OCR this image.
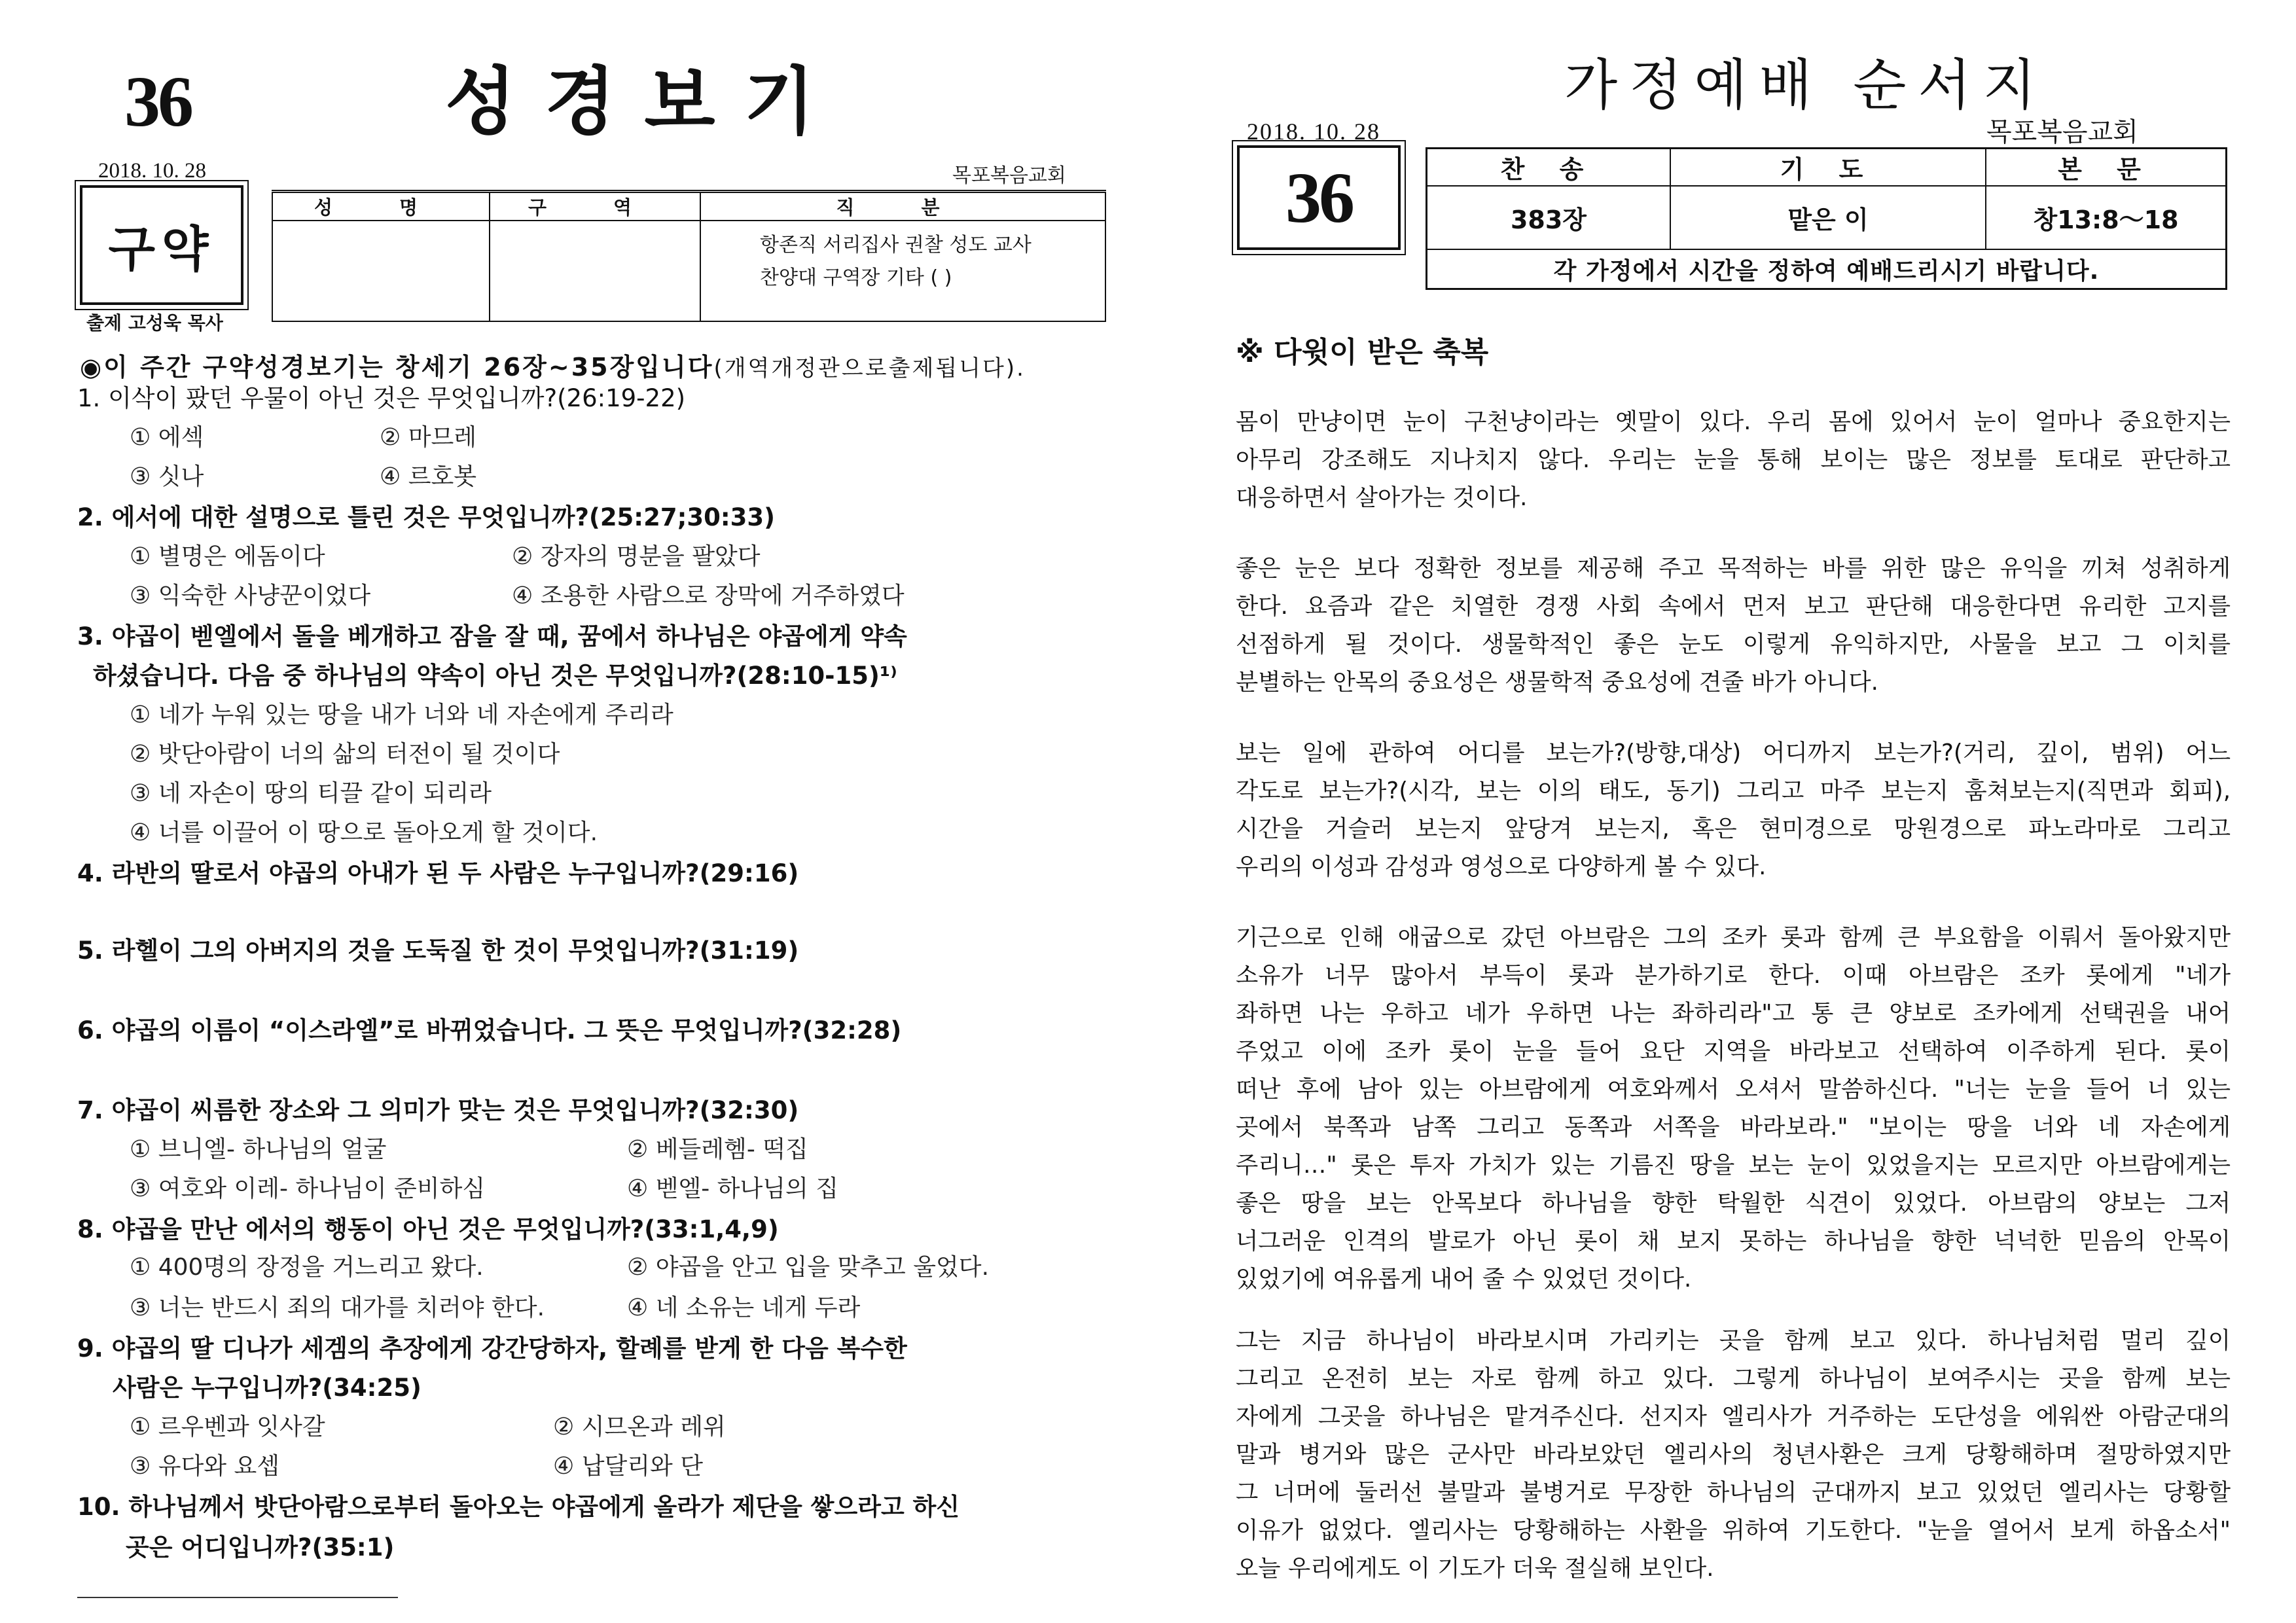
36	성경보기
2018. 10. 28	목포복음교회
구약
출제 고성욱 목사
성 명	구 역	직 분

		항존직 서리집사 권찰 성도 교사
찬양대 구역장 기타 ( )
◉이 주간 구약성경보기는 창세기 26장~35장입니다(개역개정관으로출제됩니다).
1. 이삭이 팠던 우물이 아닌 것은 무엇입니까?(26:19-22)
① 에섹	② 마므레
③ 싯나	④ 르호봇
2. 에서에 대한 설명으로 틀린 것은 무엇입니까?(25:27;30:33)
① 별명은 에돔이다	② 장자의 명분을 팔았다
③ 익숙한 사냥꾼이었다	④ 조용한 사람으로 장막에 거주하였다
3. 야곱이 벧엘에서 돌을 베개하고 잠을 잘 때, 꿈에서 하나님은 야곱에게 약속
하셨습니다. 다음 중 하나님의 약속이 아닌 것은 무엇입니까?(28:10-15)¹⁾
① 네가 누워 있는 땅을 내가 너와 네 자손에게 주리라
② 밧단아람이 너의 삶의 터전이 될 것이다
③ 네 자손이 땅의 티끌 같이 되리라
④ 너를 이끌어 이 땅으로 돌아오게 할 것이다.
4. 라반의 딸로서 야곱의 아내가 된 두 사람은 누구입니까?(29:16)
5. 라헬이 그의 아버지의 것을 도둑질 한 것이 무엇입니까?(31:19)
6. 야곱의 이름이 “이스라엘”로 바뀌었습니다. 그 뜻은 무엇입니까?(32:28)
7. 야곱이 씨름한 장소와 그 의미가 맞는 것은 무엇입니까?(32:30)
① 브니엘- 하나님의 얼굴	② 베들레헴- 떡집
③ 여호와 이레- 하나님이 준비하심	④ 벧엘- 하나님의 집
8. 야곱을 만난 에서의 행동이 아닌 것은 무엇입니까?(33:1,4,9)
① 400명의 장정을 거느리고 왔다.	② 야곱을 안고 입을 맞추고 울었다.
③ 너는 반드시 죄의 대가를 치러야 한다.	④ 네 소유는 네게 두라
9. 야곱의 딸 디나가 세겜의 추장에게 강간당하자, 할례를 받게 한 다음 복수한
사람은 누구입니까?(34:25)
① 르우벤과 잇사갈	② 시므온과 레위
③ 유다와 요셉	④ 납달리와 단
10. 하나님께서 밧단아람으로부터 돌아오는 야곱에게 올라가 제단을 쌓으라고 하신
곳은 어디입니까?(35:1)
가정예배 순서지
목포복음교회
2018. 10. 28
36	찬 송	기 도	본 문
383장	맡은 이	창13:8～18
각 가정에서 시간을 정하여 예배드리시기 바랍니다.		
※ 다윗이 받은 축복
몸이 만냥이면 눈이 구천냥이라는 옛말이 있다. 우리 몸에 있어서 눈이 얼마나 중요한지는
아무리 강조해도 지나치지 않다. 우리는 눈을 통해 보이는 많은 정보를 토대로 판단하고
대응하면서 살아가는 것이다.
좋은 눈은 보다 정확한 정보를 제공해 주고 목적하는 바를 위한 많은 유익을 끼쳐 성취하게
한다. 요즘과 같은 치열한 경쟁 사회 속에서 먼저 보고 판단해 대응한다면 유리한 고지를
선점하게 될 것이다. 생물학적인 좋은 눈도 이렇게 유익하지만, 사물을 보고 그 이치를
분별하는 안목의 중요성은 생물학적 중요성에 견줄 바가 아니다.
보는 일에 관하여 어디를 보는가?(방향,대상) 어디까지 보는가?(거리, 깊이, 범위) 어느
각도로 보는가?(시각, 보는 이의 태도, 동기) 그리고 마주 보는지 훔쳐보는지(직면과 회피),
시간을 거슬러 보는지 앞당겨 보는지, 혹은 현미경으로 망원경으로 파노라마로 그리고
우리의 이성과 감성과 영성으로 다양하게 볼 수 있다.
기근으로 인해 애굽으로 갔던 아브람은 그의 조카 롯과 함께 큰 부요함을 이뤄서 돌아왔지만
소유가 너무 많아서 부득이 롯과 분가하기로 한다. 이때 아브람은 조카 롯에게 "네가
좌하면 나는 우하고 네가 우하면 나는 좌하리라"고 통 큰 양보로 조카에게 선택권을 내어
주었고 이에 조카 롯이 눈을 들어 요단 지역을 바라보고 선택하여 이주하게 된다. 롯이
떠난 후에 남아 있는 아브람에게 여호와께서 오셔서 말씀하신다. "너는 눈을 들어 너 있는
곳에서 북쪽과 남쪽 그리고 동쪽과 서쪽을 바라보라." "보이는 땅을 너와 네 자손에게
주리니…" 롯은 투자 가치가 있는 기름진 땅을 보는 눈이 있었을지는 모르지만 아브람에게는
좋은 땅을 보는 안목보다 하나님을 향한 탁월한 식견이 있었다. 아브람의 양보는 그저
너그러운 인격의 발로가 아닌 롯이 채 보지 못하는 하나님을 향한 넉넉한 믿음의 안목이
있었기에 여유롭게 내어 줄 수 있었던 것이다.
그는 지금 하나님이 바라보시며 가리키는 곳을 함께 보고 있다. 하나님처럼 멀리 깊이
그리고 온전히 보는 자로 함께 하고 있다. 그렇게 하나님이 보여주시는 곳을 함께 보는
자에게 그곳을 하나님은 맡겨주신다. 선지자 엘리사가 거주하는 도단성을 에워싼 아람군대의
말과 병거와 많은 군사만 바라보았던 엘리사의 청년사환은 크게 당황해하며 절망하였지만
그 너머에 둘러선 불말과 불병거로 무장한 하나님의 군대까지 보고 있었던 엘리사는 당황할
이유가 없었다. 엘리사는 당황해하는 사환을 위하여 기도한다. "눈을 열어서 보게 하옵소서"
오늘 우리에게도 이 기도가 더욱 절실해 보인다.
